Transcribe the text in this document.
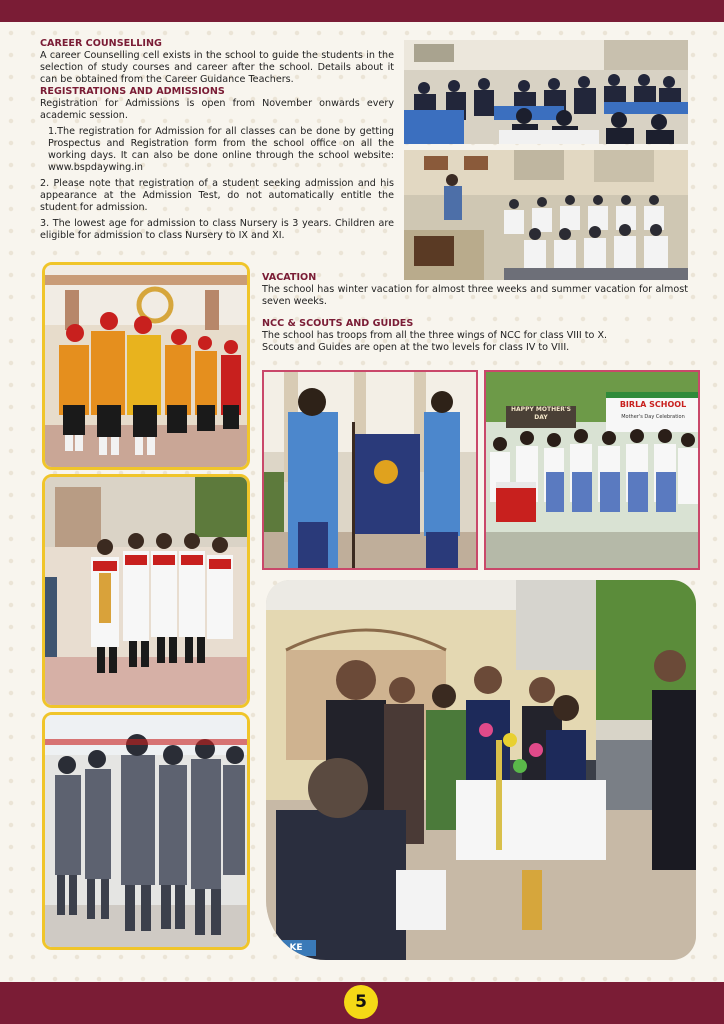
CAREER COUNSELLING

A career Counselling cell exists in the school to guide the students in the selection of study courses and career after the school. Details about it can be obtained from the Career Guidance Teachers.

REGISTRATIONS AND ADMISSIONS

Registration for Admissions is open from November onwards every academic session.

1.The registration for Admission for all classes can be done by getting Prospectus and Registration form from the school office on all the working days. It can also be done online through the school website: www.bspdaywing.in

2. Please note that registration of a student seeking admission and his appearance at the Admission Test, do not automatically entitle the student for admission.

3. The lowest age for admission to class Nursery is 3 years. Children are eligible for admission to class Nursery to IX and XI.

VACATION

The school has winter vacation for almost three weeks and summer vacation for almost seven weeks.

NCC & SCOUTS AND GUIDES

The school has troops from all the three wings of NCC for class VIII to X.

Scouts and Guides are open at the two levels for class IV to VIII.

HAPPY MOTHER'S DAY
BIRLA SCHOOL
Mother's Day Celebration
KE
5
